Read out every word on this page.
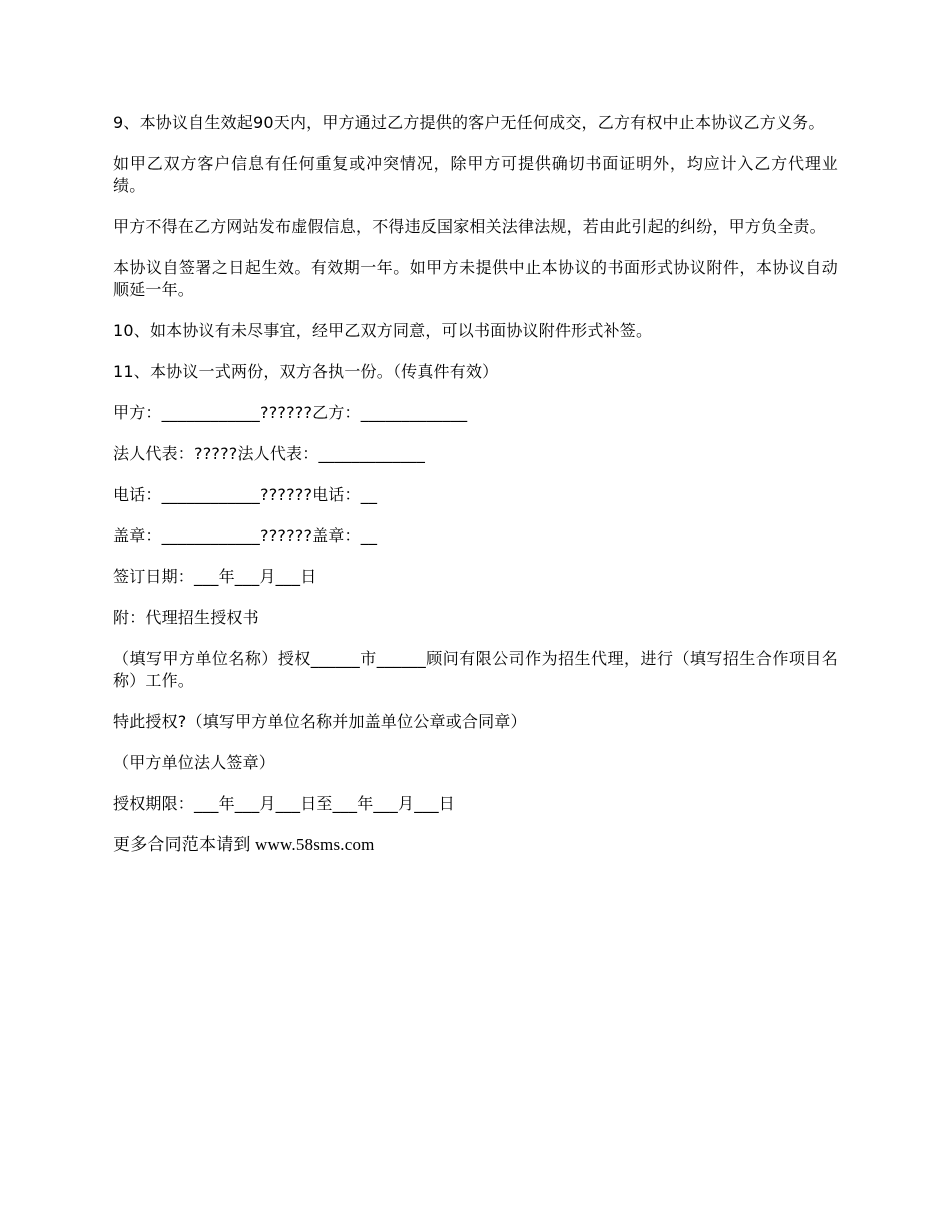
9、本协议自生效起90天内，甲方通过乙方提供的客户无任何成交，乙方有权中止本协议乙方义务。

如甲乙双方客户信息有任何重复或冲突情况，除甲方可提供确切书面证明外，均应计入乙方代理业绩。

甲方不得在乙方网站发布虚假信息，不得违反国家相关法律法规，若由此引起的纠纷，甲方负全责。

本协议自签署之日起生效。有效期一年。如甲方未提供中止本协议的书面形式协议附件，本协议自动顺延一年。

10、如本协议有未尽事宜，经甲乙双方同意，可以书面协议附件形式补签。

11、本协议一式两份，双方各执一份。（传真件有效）

甲方：____________??????乙方：_____________

法人代表：?????法人代表：_____________

电话：____________??????电话：__

盖章：____________??????盖章：__

签订日期：___年___月___日

附：代理招生授权书

（填写甲方单位名称）授权______市______顾问有限公司作为招生代理，进行（填写招生合作项目名称）工作。

特此授权?（填写甲方单位名称并加盖单位公章或合同章）

（甲方单位法人签章）

授权期限：___年___月___日至___年___月___日

更多合同范本请到 www.58sms.com
